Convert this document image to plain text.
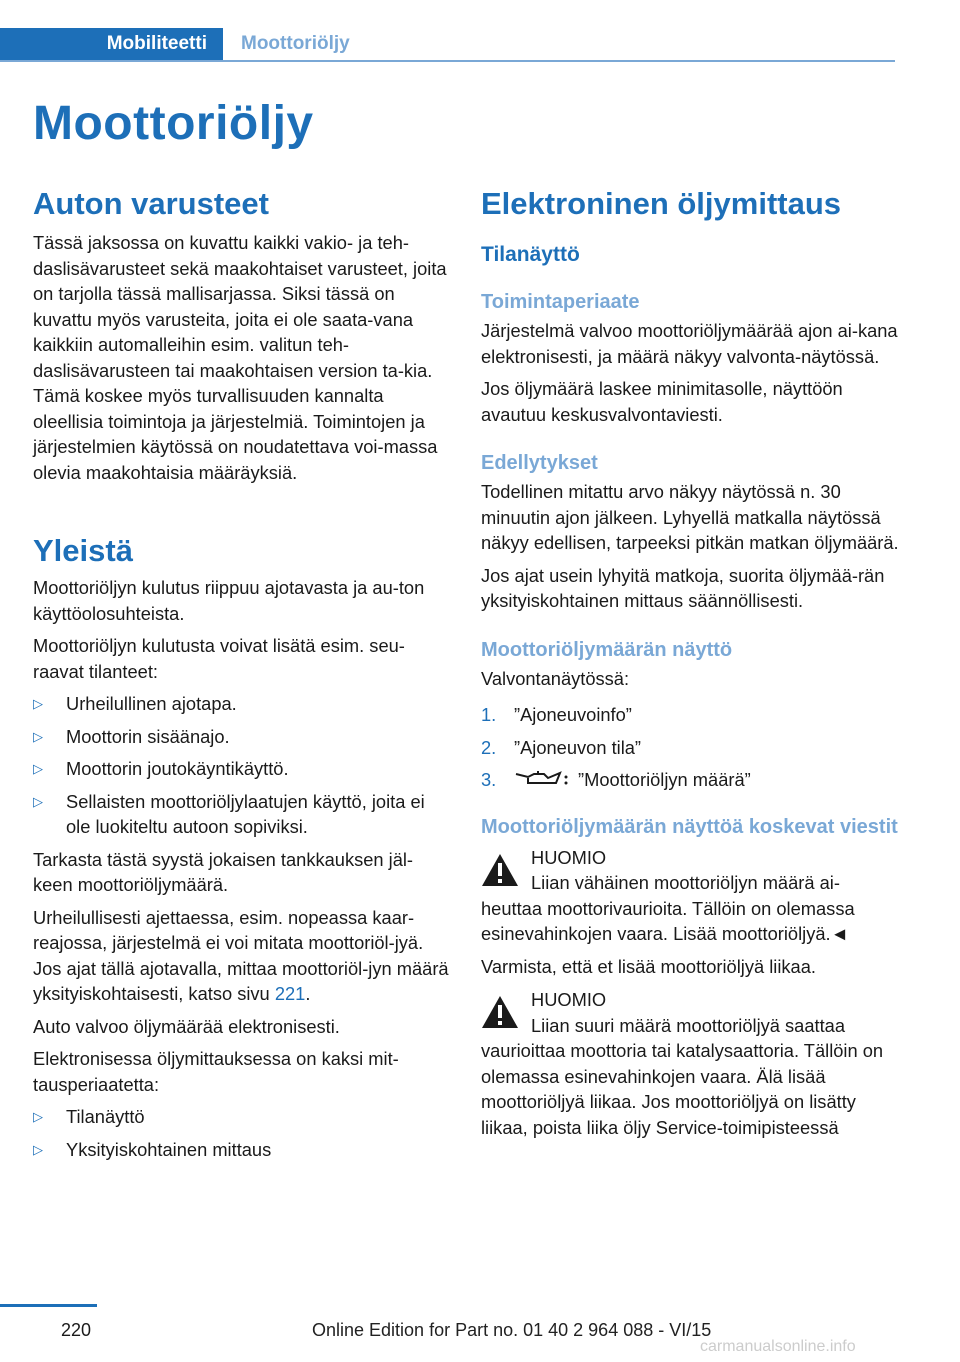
Mobiliteetti	Moottoriöljy
Moottoriöljy
Auton varusteet

Tässä jaksossa on kuvattu kaikki vakio- ja teh-daslisävarusteet sekä maakohtaiset varusteet, joita on tarjolla tässä mallisarjassa. Siksi tässä on kuvattu myös varusteita, joita ei ole saata-vana kaikkiin automalleihin esim. valitun teh-daslisävarusteen tai maakohtaisen version ta-kia. Tämä koskee myös turvallisuuden kannalta oleellisia toimintoja ja järjestelmiä. Toimintojen ja järjestelmien käytössä on noudatettava voi-massa olevia maakohtaisia määräyksiä.

Yleistä

Moottoriöljyn kulutus riippuu ajotavasta ja au-ton käyttöolosuhteista.

Moottoriöljyn kulutusta voivat lisätä esim. seu-raavat tilanteet:

▷ Urheilullinen ajotapa.
▷ Moottorin sisäänajo.
▷ Moottorin joutokäyntikäyttö.
▷ Sellaisten moottoriöljylaatujen käyttö, joita ei ole luokiteltu autoon sopiviksi.

Tarkasta tästä syystä jokaisen tankkauksen jäl-keen moottoriöljymäärä.

Urheilullisesti ajettaessa, esim. nopeassa kaar-reajossa, järjestelmä ei voi mitata moottoriöl-jyä. Jos ajat tällä ajotavalla, mittaa moottoriöl-jyn määrä yksityiskohtaisesti, katso sivu 221.

Auto valvoo öljymäärää elektronisesti.

Elektronisessa öljymittauksessa on kaksi mit-tausperiaatetta:

▷ Tilanäyttö
▷ Yksityiskohtainen mittaus
Elektroninen öljymittaus
Tilanäyttö
Toimintaperiaate

Järjestelmä valvoo moottoriöljymäärää ajon ai-kana elektronisesti, ja määrä näkyy valvonta-näytössä.

Jos öljymäärä laskee minimitasolle, näyttöön avautuu keskusvalvontaviesti.

Edellytykset

Todellinen mitattu arvo näkyy näytössä n. 30 minuutin ajon jälkeen. Lyhyellä matkalla näytössä näkyy edellisen, tarpeeksi pitkän matkan öljymäärä.

Jos ajat usein lyhyitä matkoja, suorita öljymää-rän yksityiskohtainen mittaus säännöllisesti.

Moottoriöljymäärän näyttö

Valvontanäytössä:

1. ”Ajoneuvoinfo”
2. ”Ajoneuvon tila”
3.	”Moottoriöljyn määrä”
Moottoriöljymäärän näyttöä koskevat viestit

HUOMIO

Liian vähäinen moottoriöljyn määrä ai-heuttaa moottorivaurioita. Tällöin on olemassa esinevahinkojen vaara. Lisää moottoriöljyä.◄

Varmista, että et lisää moottoriöljyä liikaa.

HUOMIO

Liian suuri määrä moottoriöljyä saattaa vaurioittaa moottoria tai katalysaattoria. Tällöin on olemassa esinevahinkojen vaara. Älä lisää moottoriöljyä liikaa. Jos moottoriöljyä on lisätty liikaa, poista liika öljy Service-toimipisteessä

220	Online Edition for Part no. 01 40 2 964 088 - VI/15
carmanualsonline.info
